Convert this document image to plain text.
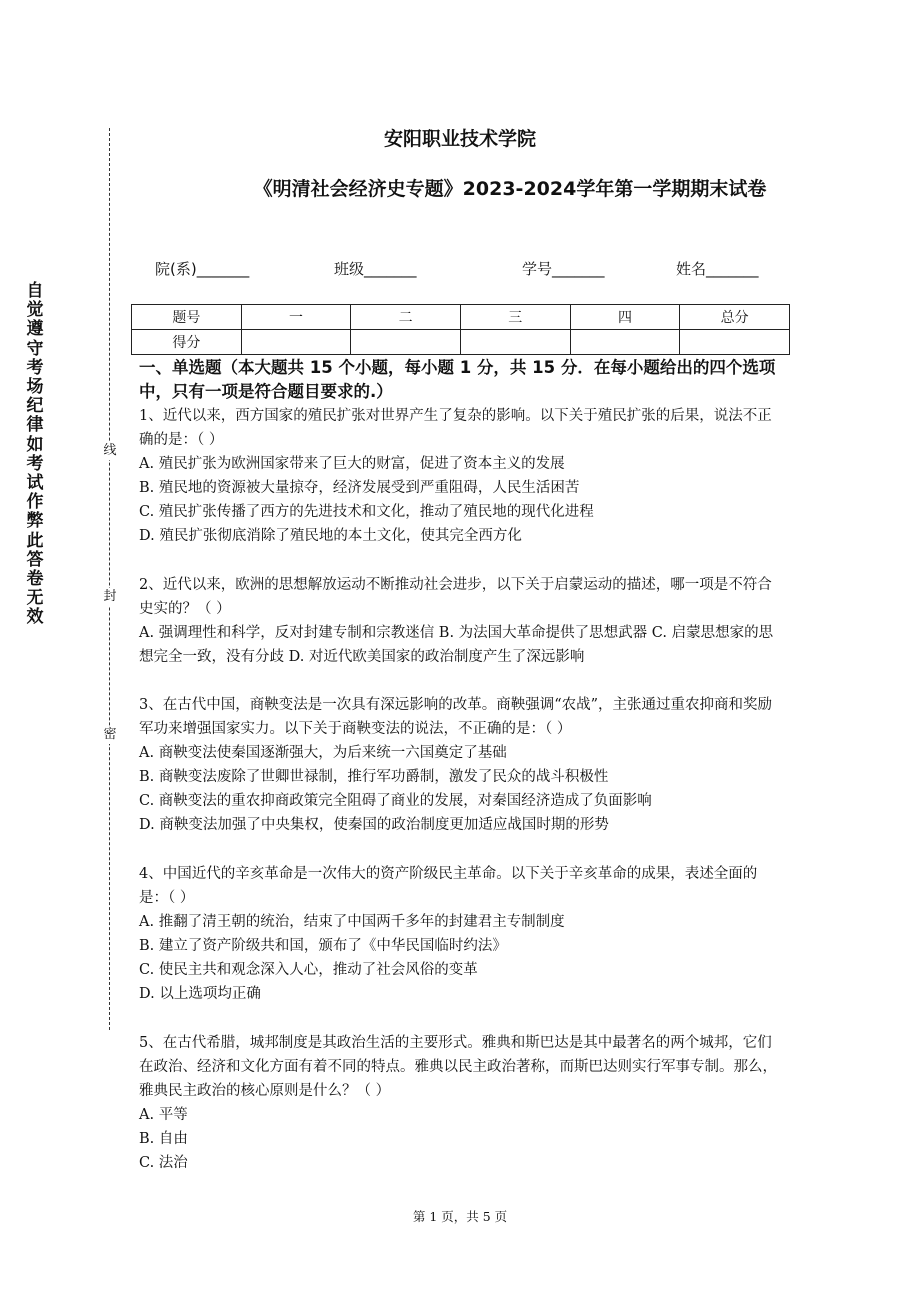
自觉遵守考场纪律如考试作弊此答卷无效
线
封
密
安阳职业技术学院
《明清社会经济史专题》2023-2024学年第一学期期末试卷
院(系)_______	班级_______	学号_______	姓名_______
题号	一	二	三	四	总分
得分					
一、单选题（本大题共 15 个小题，每小题 1 分，共 15 分．在每小题给出的四个选项中，只有一项是符合题目要求的.）

1、近代以来，西方国家的殖民扩张对世界产生了复杂的影响。以下关于殖民扩张的后果，说法不正确的是：（ ）

A. 殖民扩张为欧洲国家带来了巨大的财富，促进了资本主义的发展

B. 殖民地的资源被大量掠夺，经济发展受到严重阻碍，人民生活困苦

C. 殖民扩张传播了西方的先进技术和文化，推动了殖民地的现代化进程

D. 殖民扩张彻底消除了殖民地的本土文化，使其完全西方化

2、近代以来，欧洲的思想解放运动不断推动社会进步，以下关于启蒙运动的描述，哪一项是不符合史实的？（ ）

A. 强调理性和科学，反对封建专制和宗教迷信 B. 为法国大革命提供了思想武器 C. 启蒙思想家的思想完全一致，没有分歧 D. 对近代欧美国家的政治制度产生了深远影响

3、在古代中国，商鞅变法是一次具有深远影响的改革。商鞅强调“农战”，主张通过重农抑商和奖励军功来增强国家实力。以下关于商鞅变法的说法，不正确的是：（ ）

A. 商鞅变法使秦国逐渐强大，为后来统一六国奠定了基础

B. 商鞅变法废除了世卿世禄制，推行军功爵制，激发了民众的战斗积极性

C. 商鞅变法的重农抑商政策完全阻碍了商业的发展，对秦国经济造成了负面影响

D. 商鞅变法加强了中央集权，使秦国的政治制度更加适应战国时期的形势

4、中国近代的辛亥革命是一次伟大的资产阶级民主革命。以下关于辛亥革命的成果，表述全面的是：（ ）

A. 推翻了清王朝的统治，结束了中国两千多年的封建君主专制制度

B. 建立了资产阶级共和国，颁布了《中华民国临时约法》

C. 使民主共和观念深入人心，推动了社会风俗的变革

D. 以上选项均正确

5、在古代希腊，城邦制度是其政治生活的主要形式。雅典和斯巴达是其中最著名的两个城邦，它们在政治、经济和文化方面有着不同的特点。雅典以民主政治著称，而斯巴达则实行军事专制。那么，雅典民主政治的核心原则是什么？（ ）

A. 平等

B. 自由

C. 法治

第 1 页，共 5 页
